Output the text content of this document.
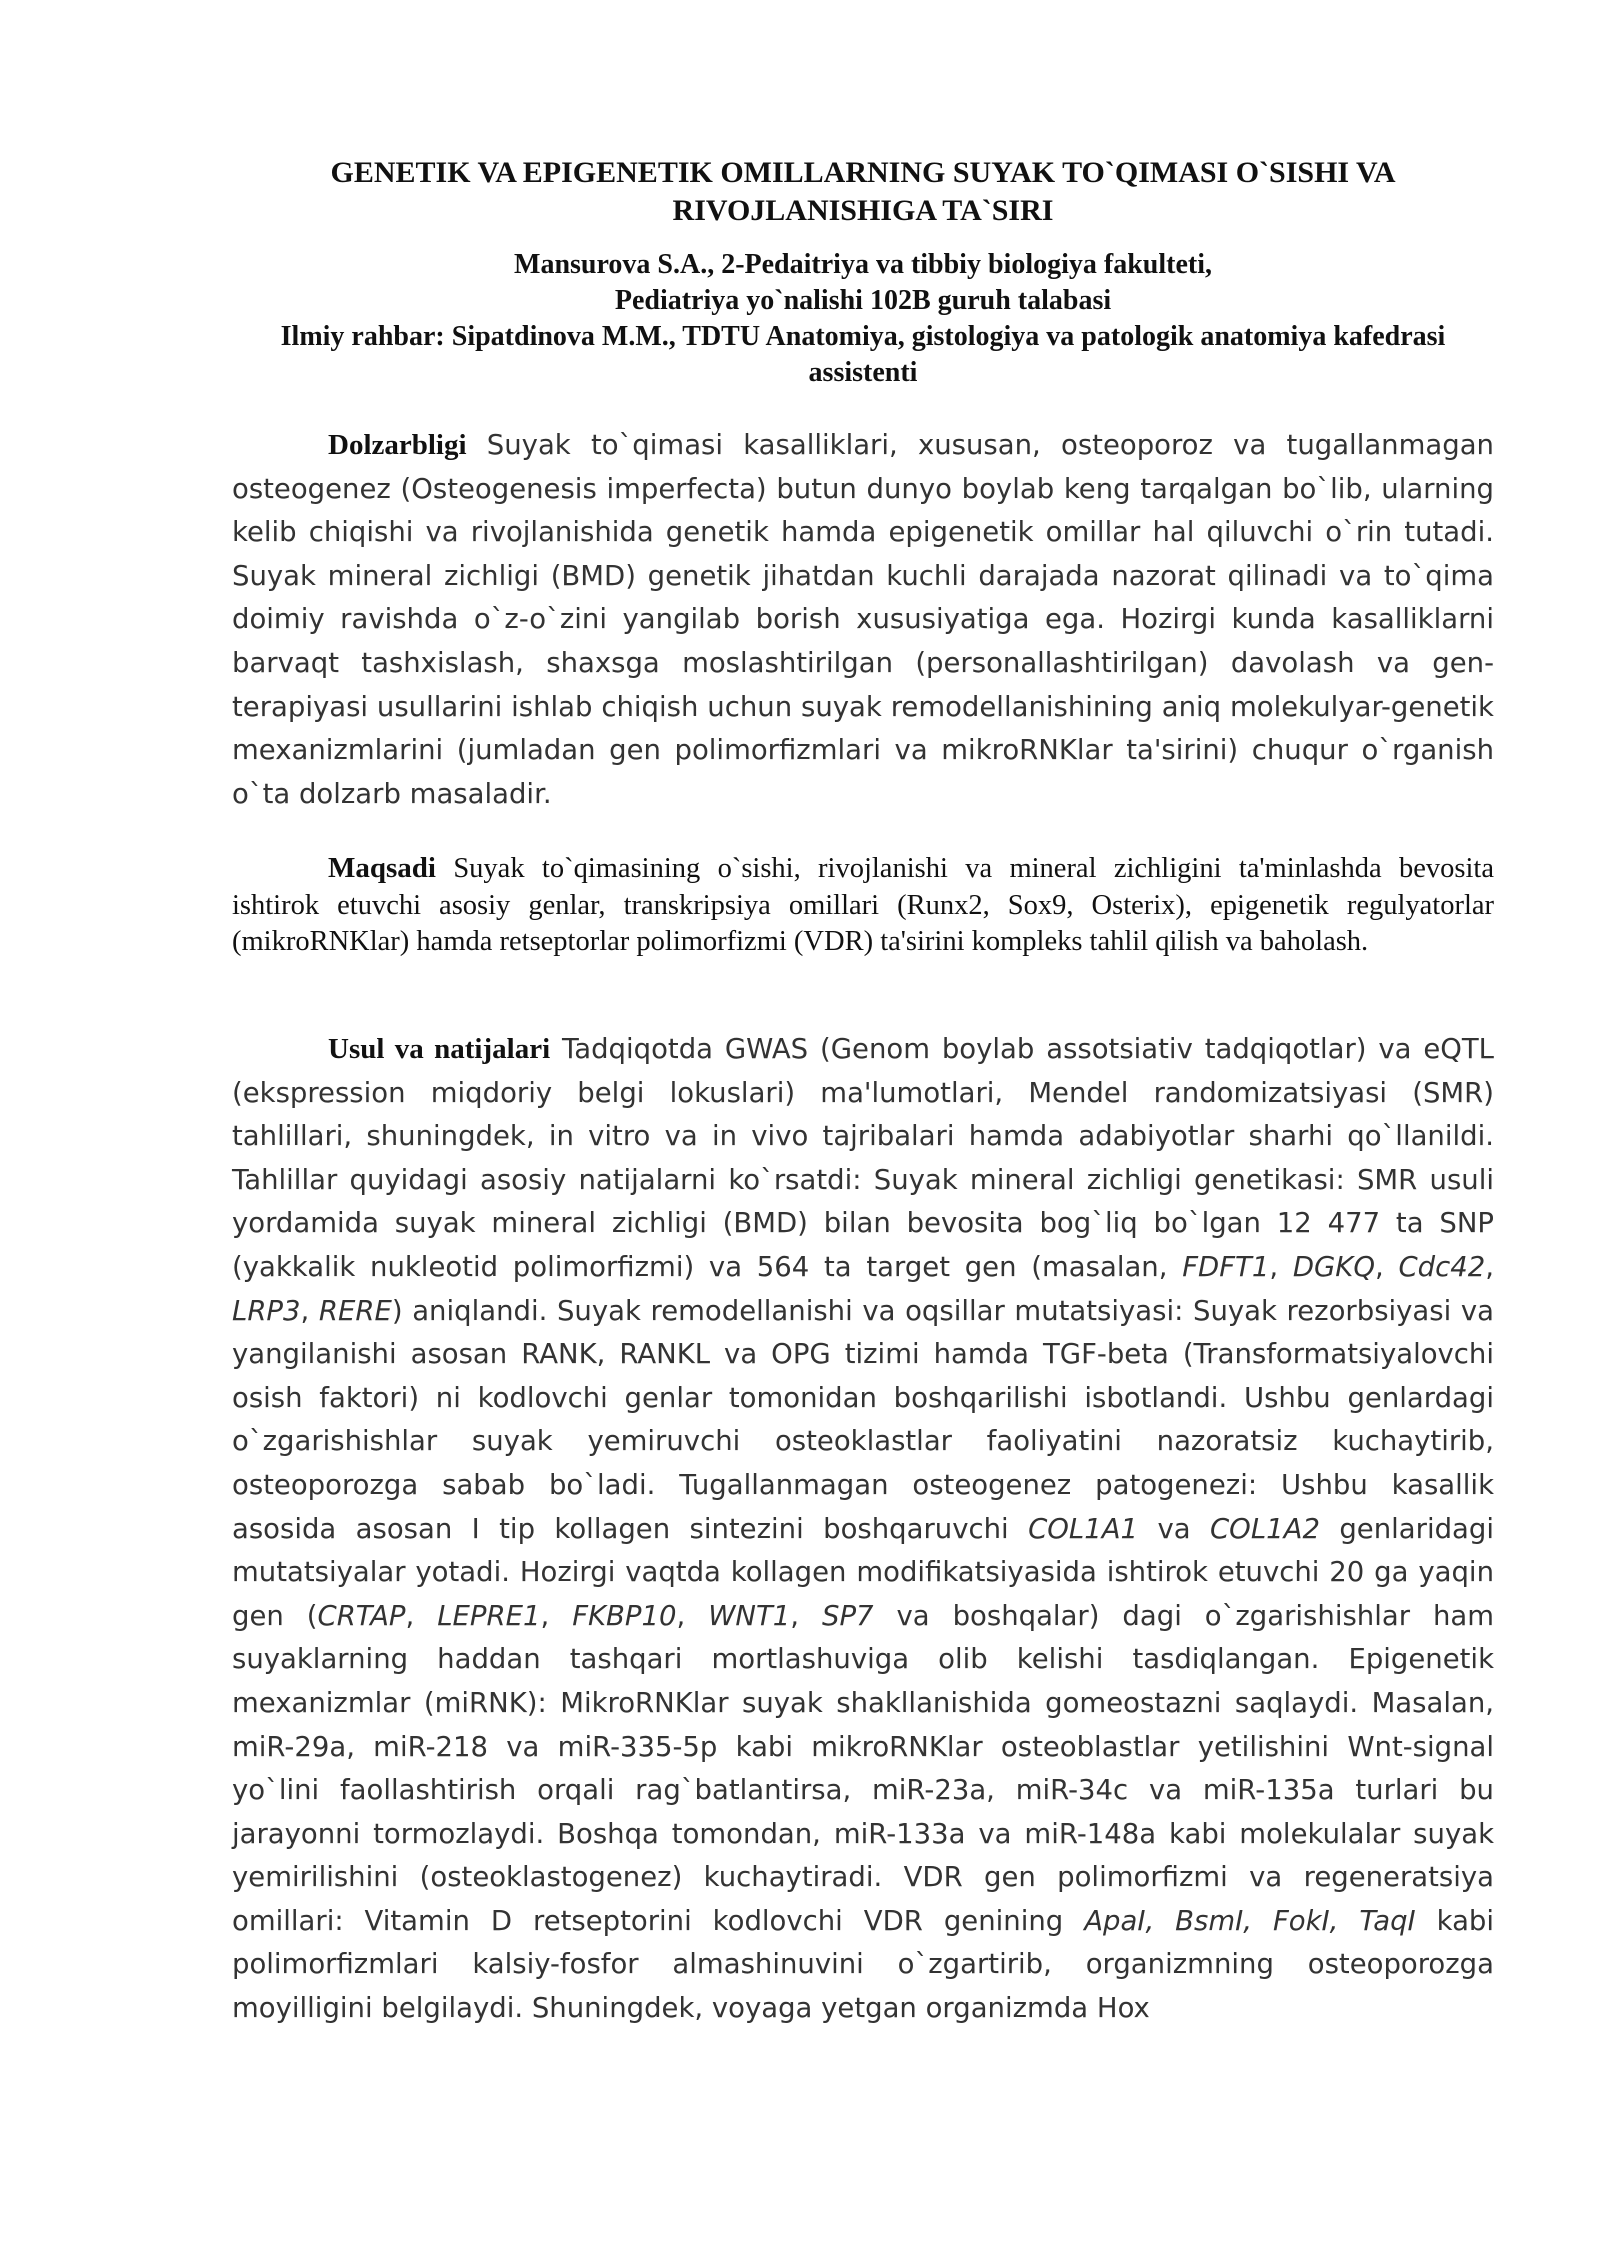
GENETIK VA EPIGENETIK OMILLARNING SUYAK TO`QIMASI O`SISHI VA RIVOJLANISHIGA TA`SIRI
Mansurova S.A., 2-Pedaitriya va tibbiy biologiya fakulteti,
Pediatriya yo`nalishi 102B guruh talabasi
Ilmiy rahbar: Sipatdinova M.M., TDTU Anatomiya, gistologiya va patologik anatomiya kafedrasi assistenti

Dolzarbligi Suyak to`qimasi kasalliklari, xususan, osteoporoz va tugallanmagan osteogenez (Osteogenesis imperfecta) butun dunyo boylab keng tarqalgan bo`lib, ularning kelib chiqishi va rivojlanishida genetik hamda epigenetik omillar hal qiluvchi o`rin tutadi. Suyak mineral zichligi (BMD) genetik jihatdan kuchli darajada nazorat qilinadi va to`qima doimiy ravishda o`z-o`zini yangilab borish xususiyatiga ega. Hozirgi kunda kasalliklarni barvaqt tashxislash, shaxsga moslashtirilgan (personallashtirilgan) davolash va gen-terapiyasi usullarini ishlab chiqish uchun suyak remodellanishining aniq molekulyar-genetik mexanizmlarini (jumladan gen polimorfizmlari va mikroRNKlar ta'sirini) chuqur o`rganish o`ta dolzarb masaladir.

Maqsadi Suyak to`qimasining o`sishi, rivojlanishi va mineral zichligini ta'minlashda bevosita ishtirok etuvchi asosiy genlar, transkripsiya omillari (Runx2, Sox9, Osterix), epigenetik regulyatorlar (mikroRNKlar) hamda retseptorlar polimorfizmi (VDR) ta'sirini kompleks tahlil qilish va baholash.

Usul va natijalari Tadqiqotda GWAS (Genom boylab assotsiativ tadqiqotlar) va eQTL (ekspression miqdoriy belgi lokuslari) ma'lumotlari, Mendel randomizatsiyasi (SMR) tahlillari, shuningdek, in vitro va in vivo tajribalari hamda adabiyotlar sharhi qo`llanildi. Tahlillar quyidagi asosiy natijalarni ko`rsatdi: Suyak mineral zichligi genetikasi: SMR usuli yordamida suyak mineral zichligi (BMD) bilan bevosita bog`liq bo`lgan 12 477 ta SNP (yakkalik nukleotid polimorfizmi) va 564 ta target gen (masalan, FDFT1, DGKQ, Cdc42, LRP3, RERE) aniqlandi. Suyak remodellanishi va oqsillar mutatsiyasi: Suyak rezorbsiyasi va yangilanishi asosan RANK, RANKL va OPG tizimi hamda TGF-beta (Transformatsiyalovchi osish faktori) ni kodlovchi genlar tomonidan boshqarilishi isbotlandi. Ushbu genlardagi o`zgarishishlar suyak yemiruvchi osteoklastlar faoliyatini nazoratsiz kuchaytirib, osteoporozga sabab bo`ladi. Tugallanmagan osteogenez patogenezi: Ushbu kasallik asosida asosan I tip kollagen sintezini boshqaruvchi COL1A1 va COL1A2 genlaridagi mutatsiyalar yotadi. Hozirgi vaqtda kollagen modifikatsiyasida ishtirok etuvchi 20 ga yaqin gen (CRTAP, LEPRE1, FKBP10, WNT1, SP7 va boshqalar) dagi o`zgarishishlar ham suyaklarning haddan tashqari mortlashuviga olib kelishi tasdiqlangan. Epigenetik mexanizmlar (miRNK): MikroRNKlar suyak shakllanishida gomeostazni saqlaydi. Masalan, miR-29a, miR-218 va miR-335-5p kabi mikroRNKlar osteoblastlar yetilishini Wnt-signal yo`lini faollashtirish orqali rag`batlantirsa, miR-23a, miR-34c va miR-135a turlari bu jarayonni tormozlaydi. Boshqa tomondan, miR-133a va miR-148a kabi molekulalar suyak yemirilishini (osteoklastogenez) kuchaytiradi. VDR gen polimorfizmi va regeneratsiya omillari: Vitamin D retseptorini kodlovchi VDR genining ApaI, BsmI, FokI, TaqI kabi polimorfizmlari kalsiy-fosfor almashinuvini o`zgartirib, organizmning osteoporozga moyilligini belgilaydi. Shuningdek, voyaga yetgan organizmda Hox
